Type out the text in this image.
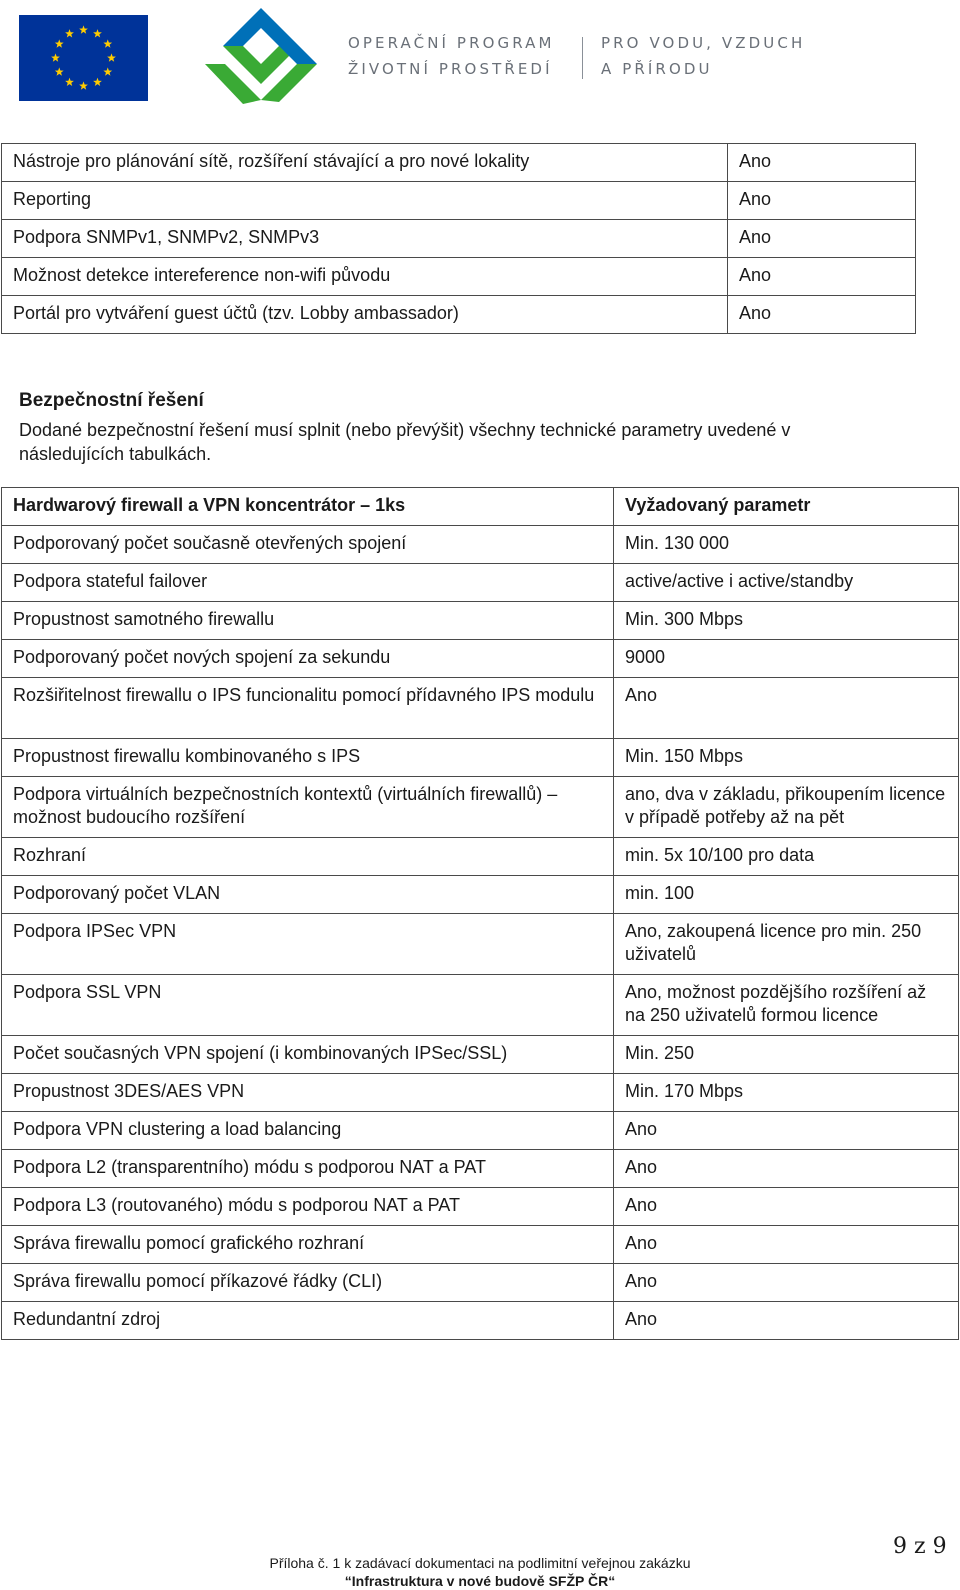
OPERAČNÍ PROGRAM
ŽIVOTNÍ PROSTŘEDÍ
PRO VODU, VZDUCH
A PŘÍRODU
Nástroje pro plánování sítě, rozšíření stávající a pro nové lokality	Ano
Reporting	Ano
Podpora SNMPv1, SNMPv2, SNMPv3	Ano
Možnost detekce intereference non-wifi původu	Ano
Portál pro vytváření guest účtů (tzv. Lobby ambassador)	Ano
Bezpečnostní řešení
Dodané bezpečnostní řešení musí splnit (nebo převýšit) všechny technické parametry uvedené v následujících tabulkách.
Hardwarový firewall a VPN koncentrátor – 1ks	Vyžadovaný parametr
Podporovaný počet současně otevřených spojení	Min. 130 000
Podpora stateful failover	active/active i active/standby
Propustnost samotného firewallu	Min. 300 Mbps
Podporovaný počet nových spojení za sekundu	9000
Rozšiřitelnost firewallu o IPS funcionalitu pomocí přídavného IPS modulu	Ano
Propustnost firewallu kombinovaného s IPS	Min. 150 Mbps
Podpora virtuálních bezpečnostních kontextů (virtuálních firewallů) – možnost budoucího rozšíření	ano, dva v základu, přikoupením licence v případě potřeby až na pět
Rozhraní	min. 5x 10/100 pro data
Podporovaný počet VLAN	min. 100
Podpora IPSec VPN	Ano, zakoupená licence pro min. 250 uživatelů
Podpora SSL VPN	Ano, možnost pozdějšího rozšíření až na 250 uživatelů formou licence
Počet současných VPN spojení (i kombinovaných IPSec/SSL)	Min. 250
Propustnost 3DES/AES VPN	Min. 170 Mbps
Podpora VPN clustering a load balancing	Ano
Podpora L2 (transparentního) módu s podporou NAT a PAT	Ano
Podpora L3 (routovaného) módu s podporou NAT a PAT	Ano
Správa firewallu pomocí grafického rozhraní	Ano
Správa firewallu pomocí příkazové řádky (CLI)	Ano
Redundantní zdroj	Ano
9 z 9
Příloha č. 1 k zadávací dokumentaci na podlimitní veřejnou zakázku
“Infrastruktura v nové budově SFŽP ČR“
